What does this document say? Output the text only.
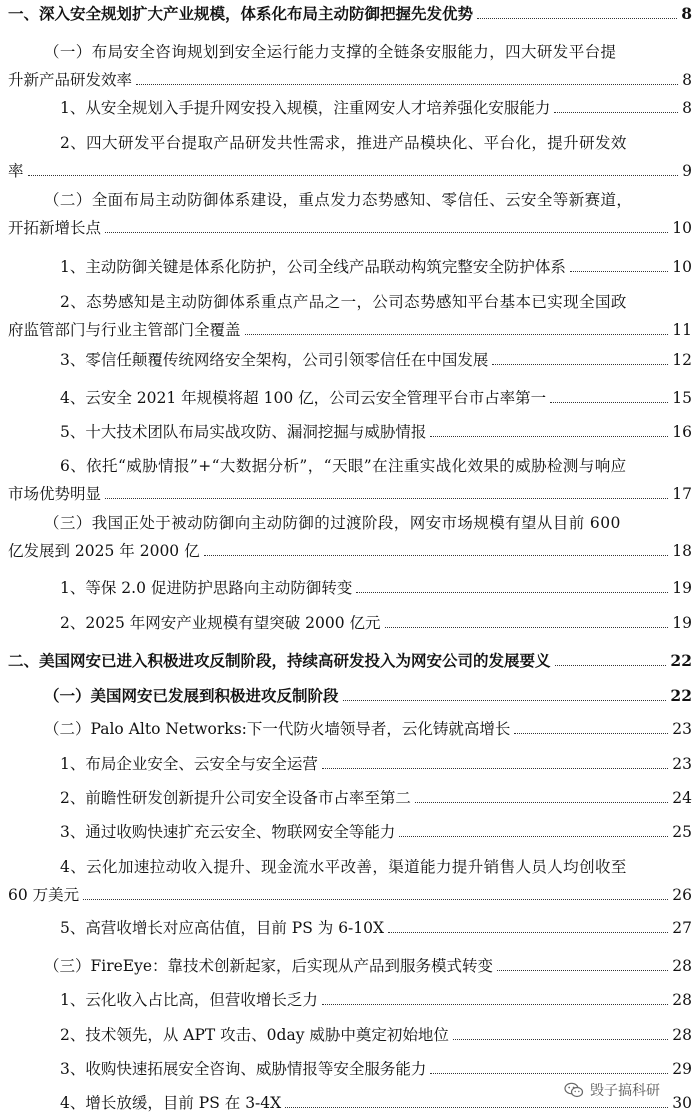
一、深入安全规划扩大产业规模，体系化布局主动防御把握先发优势	8
（一）布局安全咨询规划到安全运行能力支撑的全链条安服能力，四大研发平台提
升新产品研发效率	8
1、从安全规划入手提升网安投入规模，注重网安人才培养强化安服能力	8
2、四大研发平台提取产品研发共性需求，推进产品模块化、平台化，提升研发效
率	9
（二）全面布局主动防御体系建设，重点发力态势感知、零信任、云安全等新赛道，
开拓新增长点	10
1、主动防御关键是体系化防护，公司全线产品联动构筑完整安全防护体系	10
2、态势感知是主动防御体系重点产品之一，公司态势感知平台基本已实现全国政
府监管部门与行业主管部门全覆盖	11
3、零信任颠覆传统网络安全架构，公司引领零信任在中国发展	12
4、云安全 2021 年规模将超 100 亿，公司云安全管理平台市占率第一	15
5、十大技术团队布局实战攻防、漏洞挖掘与威胁情报	16
6、依托“威胁情报”+“大数据分析”，“天眼”在注重实战化效果的威胁检测与响应
市场优势明显	17
（三）我国正处于被动防御向主动防御的过渡阶段，网安市场规模有望从目前 600
亿发展到 2025 年 2000 亿	18
1、等保 2.0 促进防护思路向主动防御转变	19
2、2025 年网安产业规模有望突破 2000 亿元	19
二、美国网安已进入积极进攻反制阶段，持续高研发投入为网安公司的发展要义	22
（一）美国网安已发展到积极进攻反制阶段	22
（二）Palo Alto Networks:下一代防火墙领导者，云化铸就高增长	23
1、布局企业安全、云安全与安全运营	23
2、前瞻性研发创新提升公司安全设备市占率至第二	24
3、通过收购快速扩充云安全、物联网安全等能力	25
4、云化加速拉动收入提升、现金流水平改善，渠道能力提升销售人员人均创收至
60 万美元	26
5、高营收增长对应高估值，目前 PS 为 6-10X	27
（三）FireEye：靠技术创新起家，后实现从产品到服务模式转变	28
1、云化收入占比高，但营收增长乏力	28
2、技术领先，从 APT 攻击、0day 威胁中奠定初始地位	28
3、收购快速拓展安全咨询、威胁情报等安全服务能力	29
4、增长放缓，目前 PS 在 3-4X	30
毁子搞科研
